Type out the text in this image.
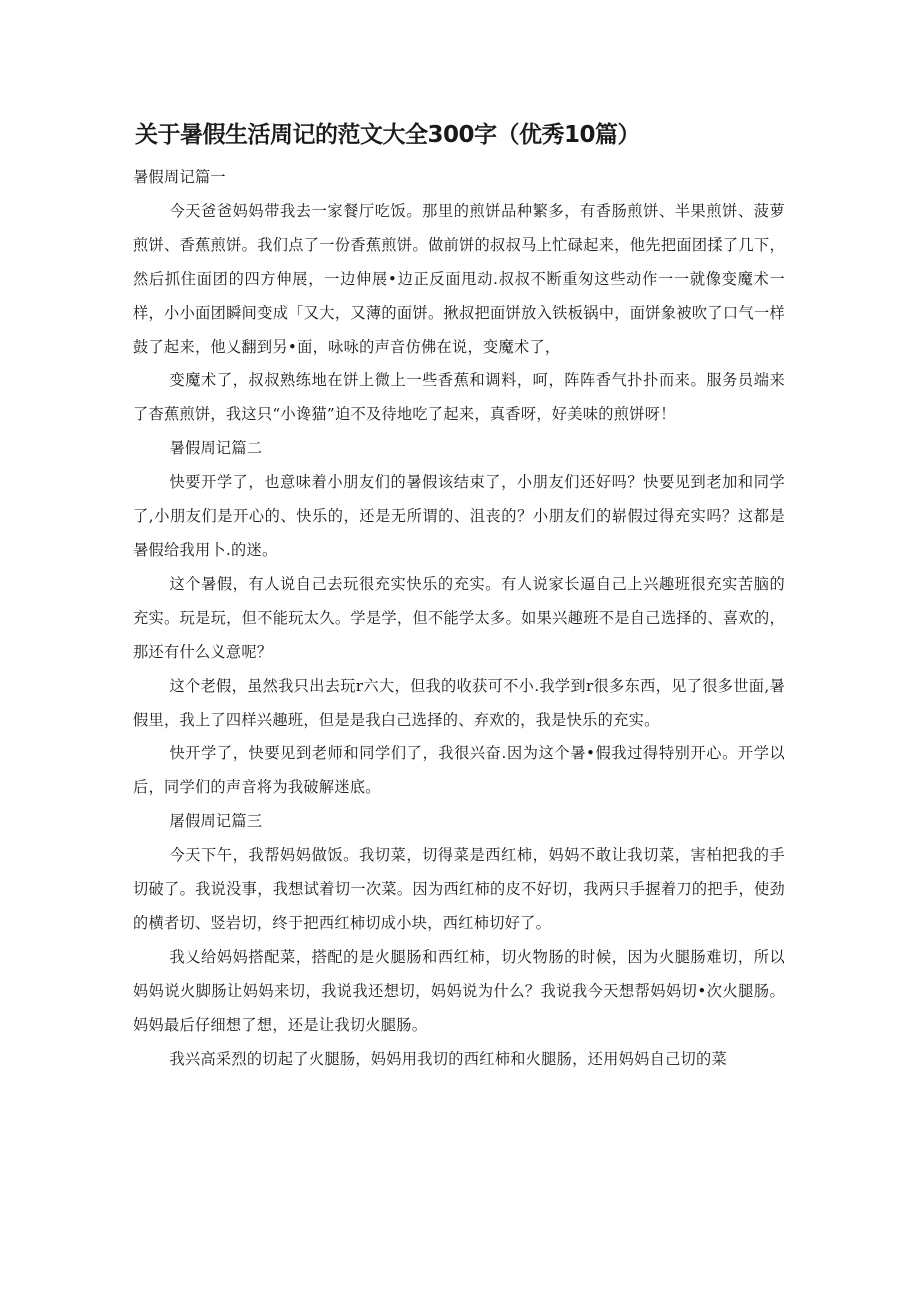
关于暑假生活周记的范文大全300字（优秀10篇）

暑假周记篇一

今天爸爸妈妈带我去一家餐厅吃饭。那里的煎饼品种繁多，有香肠煎饼、半果煎饼、菠萝煎饼、香蕉煎饼。我们点了一份香蕉煎饼。做前饼的叔叔马上忙碌起来，他先把面团揉了几下，然后抓住面团的四方伸展，一边伸展•边正反面甩动.叔叔不断重匆这些动作一一就像变魔术一样，小小面团瞬间变成「又大，又薄的面饼。揪叔把面饼放入铁板锅中，面饼象被吹了口气一样鼓了起来，他乂翻到另•面，咏咏的声音仿佛在说，变魔术了，

变魔术了，叔叔熟练地在饼上微上一些香蕉和调料，呵，阵阵香气扑扑而来。服务员端来了杳蕉煎饼，我这只“小谗猫”迫不及待地吃了起来，真香呀，好美味的煎饼呀！

暑假周记篇二

快要开学了，也意味着小朋友们的暑假该结束了，小朋友们还好吗？快要见到老加和同学了,小朋友们是开心的、快乐的，还是无所谓的、沮丧的？小朋友们的崭假过得充实吗？这都是暑假给我用卜.的迷。

这个暑假，有人说自己去玩很充实快乐的充实。有人说家长逼自己上兴趣班很充实苦脑的充实。玩是玩，但不能玩太久。学是学，但不能学太多。如果兴趣班不是自己选择的、喜欢的，那还有什么义意呢？

这个老假，虽然我只出去玩r六大，但我的收获可不小.我学到r很多东西，见了很多世面,暑假里，我上了四样兴趣班，但是是我白己选择的、弃欢的，我是快乐的充实。

快开学了，快要见到老师和同学们了，我很兴奋.因为这个暑•假我过得特别开心。开学以后，同学们的声音将为我破解迷底。

屠假周记篇三

今天下午，我帮妈妈做饭。我切菜，切得菜是西红柿，妈妈不敢让我切菜，害柏把我的手切破了。我说没事，我想试着切一次菜。因为西红柿的皮不好切，我两只手握着刀的把手，使劲的横者切、竖岩切，终于把西红柿切成小块，西红柿切好了。

我乂给妈妈搭配菜，搭配的是火腿肠和西红柿，切火物肠的时候，因为火腿肠难切，所以妈妈说火脚肠让妈妈来切，我说我还想切，妈妈说为什么？我说我今天想帮妈妈切•次火腿肠。妈妈最后仔细想了想，还是让我切火腿肠。

我兴高采烈的切起了火腿肠，妈妈用我切的西红柿和火腿肠，还用妈妈自己切的菜
